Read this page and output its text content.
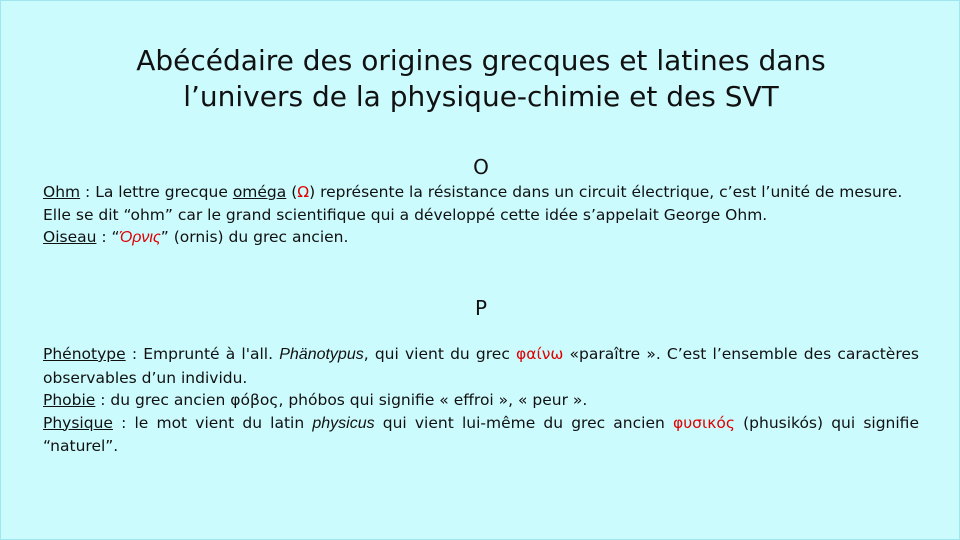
Abécédaire des origines grecques et latines dans
l’univers de la physique-chimie et des SVT
O

Ohm : La lettre grecque oméga (Ω) représente la résistance dans un circuit électrique, c’est l’unité de mesure. Elle se dit “ohm” car le grand scientifique qui a développé cette idée s’appelait George Ohm.

Oiseau : “Όρνις” (ornis) du grec ancien.

P

Phénotype : Emprunté à l'all. Phänotypus, qui vient du grec φαίνω «paraître ». C’est l’ensemble des caractères observables d’un individu.

Phobie : du grec ancien φόβος, phóbos qui signifie « effroi », « peur ».

Physique : le mot vient du latin physicus qui vient lui-même du grec ancien φυσικός (phusikós) qui signifie “naturel”.
